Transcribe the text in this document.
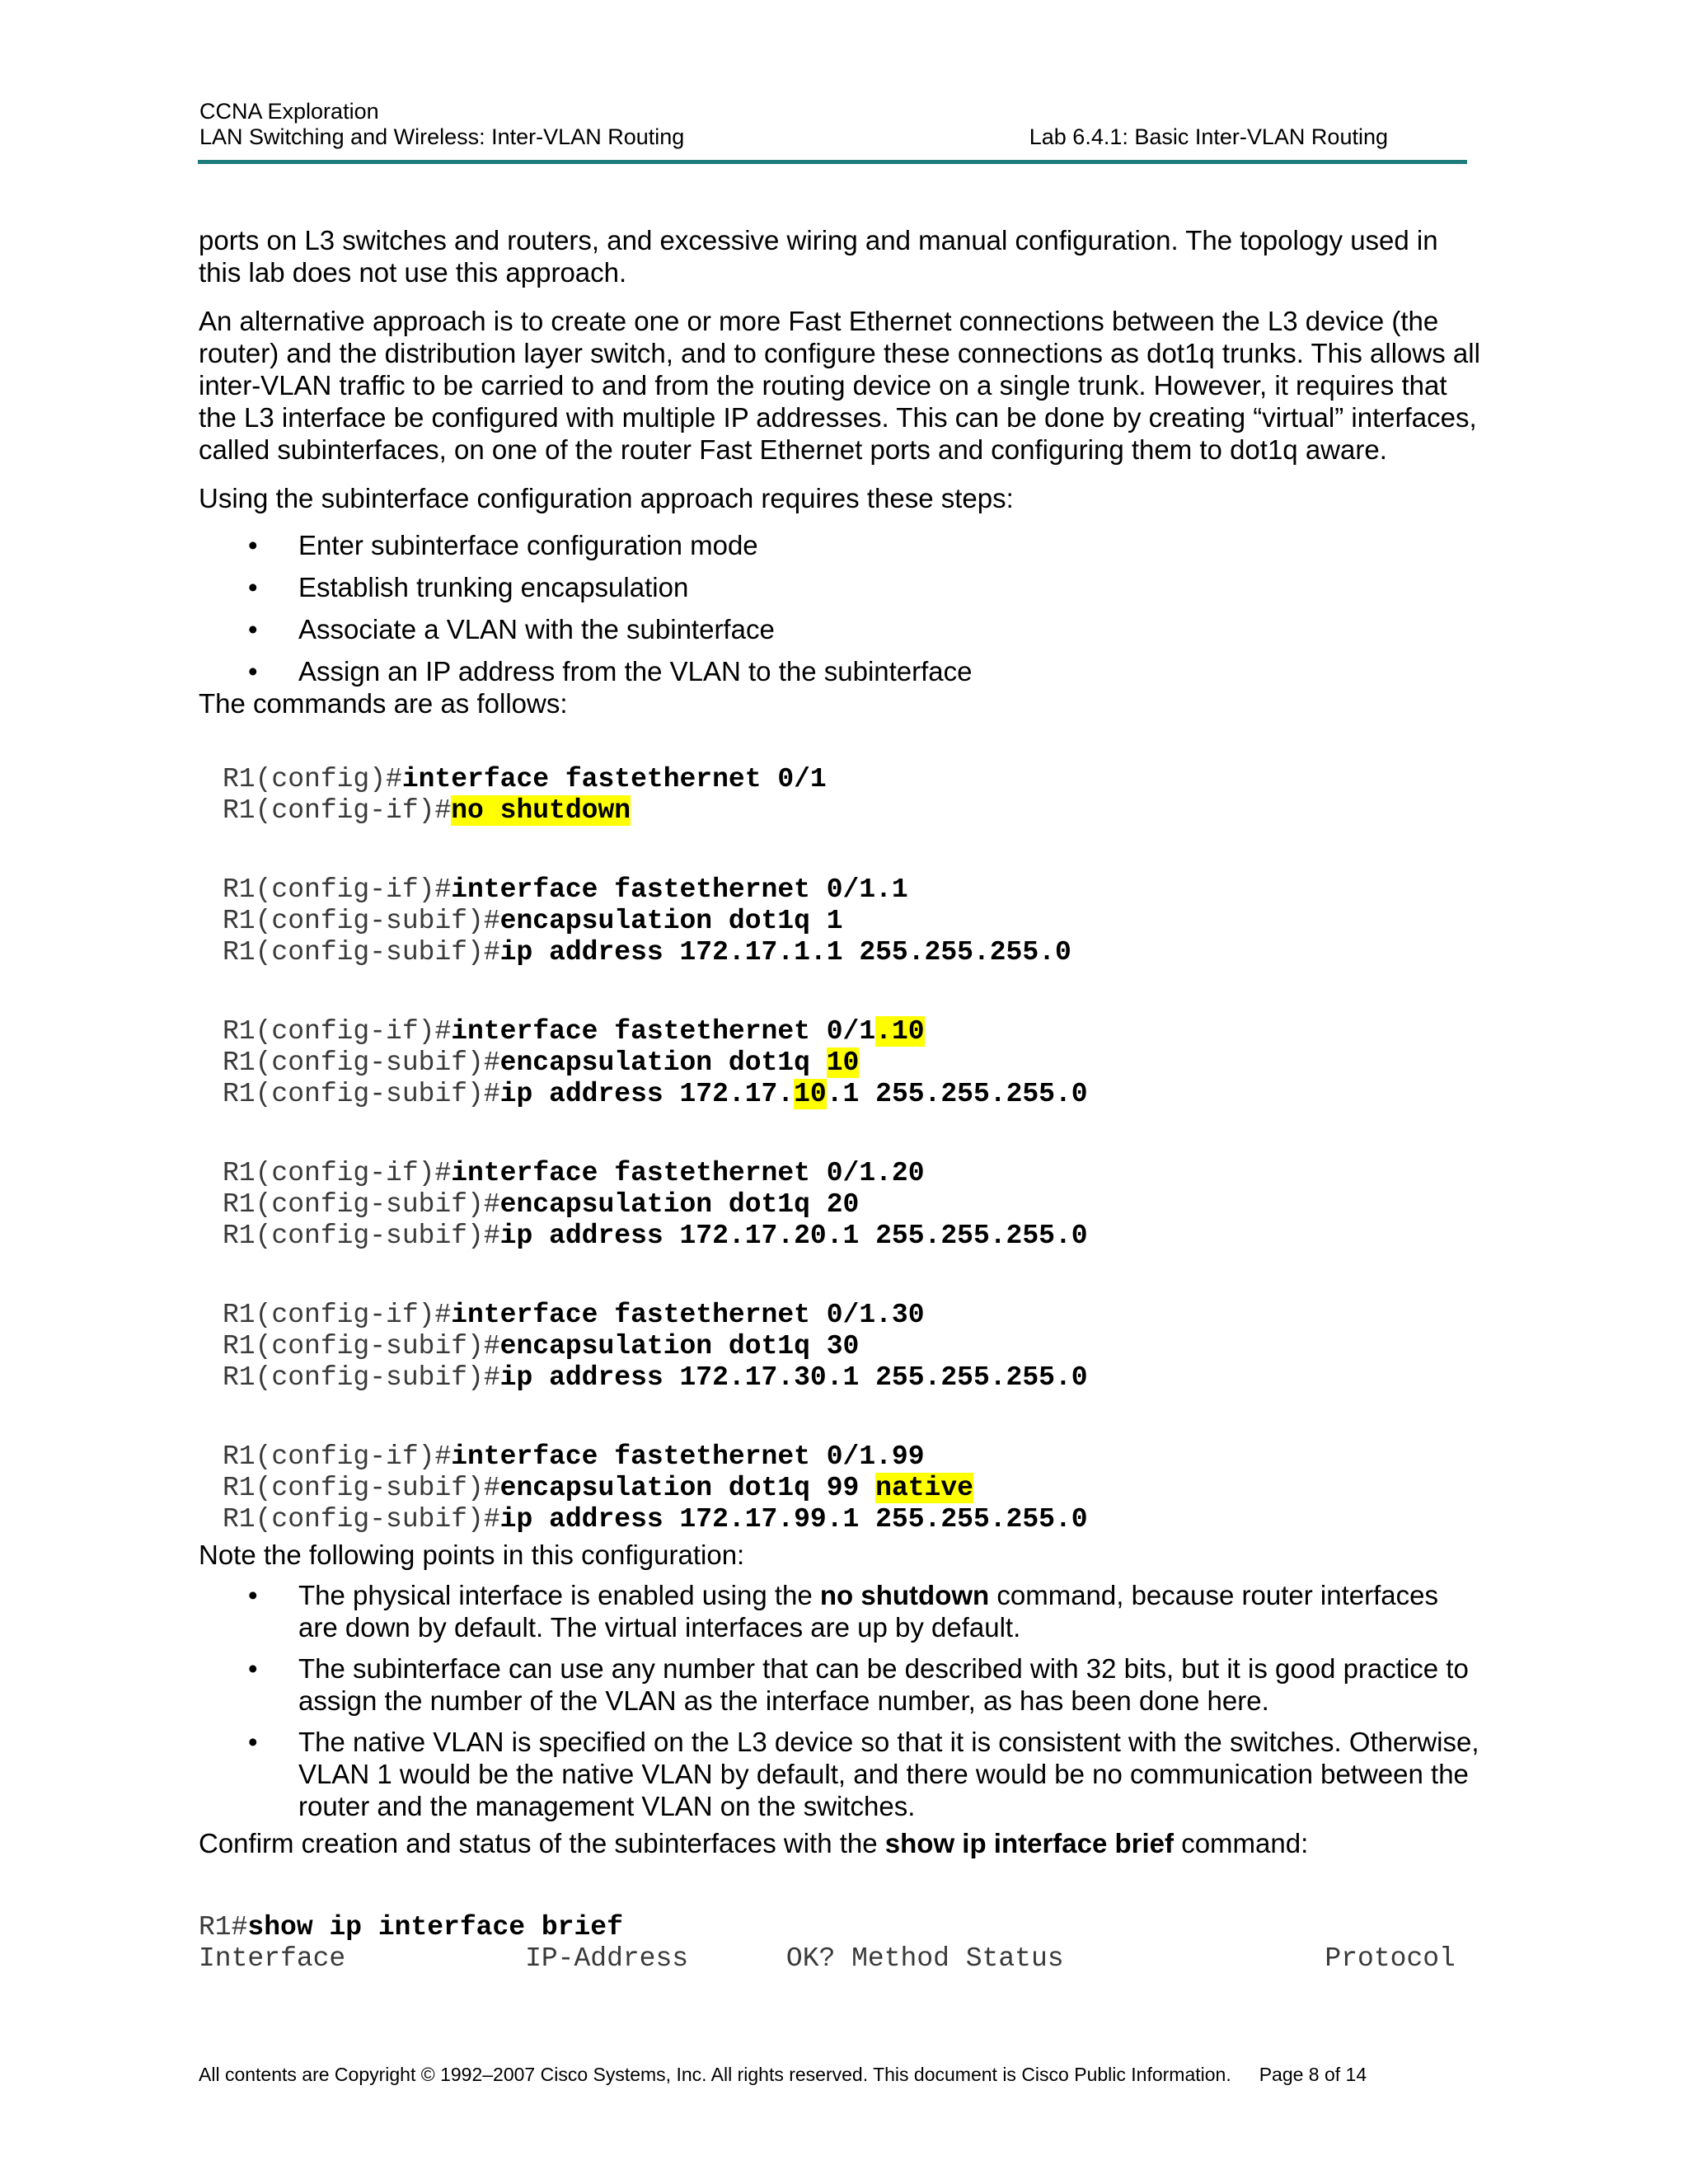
CCNA Exploration
LAN Switching and Wireless: Inter-VLAN Routing	Lab 6.4.1: Basic Inter-VLAN Routing

ports on L3 switches and routers, and excessive wiring and manual configuration. The topology used in this lab does not use this approach.

An alternative approach is to create one or more Fast Ethernet connections between the L3 device (the router) and the distribution layer switch, and to configure these connections as dot1q trunks. This allows all inter-VLAN traffic to be carried to and from the routing device on a single trunk. However, it requires that the L3 interface be configured with multiple IP addresses. This can be done by creating “virtual” interfaces, called subinterfaces, on one of the router Fast Ethernet ports and configuring them to dot1q aware.

Using the subinterface configuration approach requires these steps:

• Enter subinterface configuration mode
• Establish trunking encapsulation
• Associate a VLAN with the subinterface
• Assign an IP address from the VLAN to the subinterface

The commands are as follows:

R1(config)#interface fastethernet 0/1
R1(config-if)#no shutdown
R1(config-if)#interface fastethernet 0/1.1
R1(config-subif)#encapsulation dot1q 1
R1(config-subif)#ip address 172.17.1.1 255.255.255.0
R1(config-if)#interface fastethernet 0/1.10
R1(config-subif)#encapsulation dot1q 10
R1(config-subif)#ip address 172.17.10.1 255.255.255.0
R1(config-if)#interface fastethernet 0/1.20
R1(config-subif)#encapsulation dot1q 20
R1(config-subif)#ip address 172.17.20.1 255.255.255.0
R1(config-if)#interface fastethernet 0/1.30
R1(config-subif)#encapsulation dot1q 30
R1(config-subif)#ip address 172.17.30.1 255.255.255.0
R1(config-if)#interface fastethernet 0/1.99
R1(config-subif)#encapsulation dot1q 99 native
R1(config-subif)#ip address 172.17.99.1 255.255.255.0

Note the following points in this configuration:

• The physical interface is enabled using the no shutdown command, because router interfaces are down by default. The virtual interfaces are up by default.
• The subinterface can use any number that can be described with 32 bits, but it is good practice to assign the number of the VLAN as the interface number, as has been done here.
• The native VLAN is specified on the L3 device so that it is consistent with the switches. Otherwise, VLAN 1 would be the native VLAN by default, and there would be no communication between the router and the management VLAN on the switches.

Confirm creation and status of the subinterfaces with the show ip interface brief command:

R1#show ip interface brief
Interface           IP-Address      OK? Method Status                Protocol
All contents are Copyright © 1992–2007 Cisco Systems, Inc. All rights reserved. This document is Cisco Public Information. Page 8 of 14
